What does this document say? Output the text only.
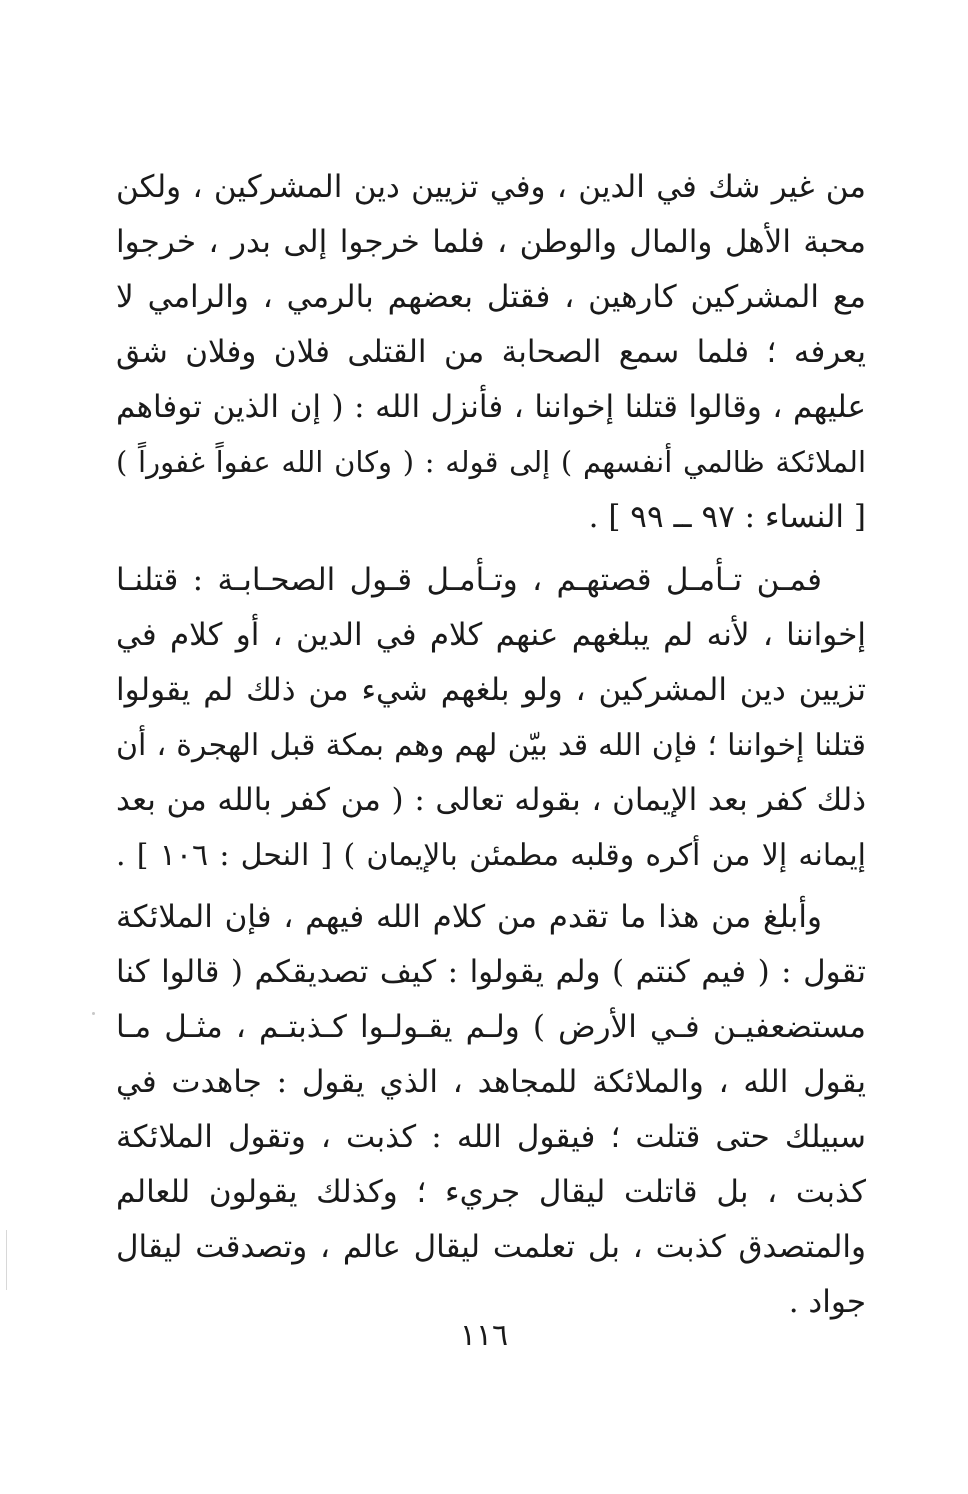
من غير شك في الدين ، وفي تزيين دين المشركين ، ولكن
محبة الأهل والمال والوطن ، فلما خرجوا إلى بدر ، خرجوا
مع المشركين كارهين ، فقتل بعضهم بالرمي ، والرامي لا
يعرفه ؛ فلما سمع الصحابة من القتلى فلان وفلان شق
عليهم ، وقالوا قتلنا إخواننا ، فأنزل الله : ( إن الذين توفاهم
الملائكة ظالمي أنفسهم ) إلى قوله : ( وكان الله عفواً غفوراً )
[ النساء : ٩٧ ــ ٩٩ ] .
فمـن تـأمـل قصتهـم ، وتـأمـل قـول الصحـابـة : قتلنـا
إخواننا ، لأنه لم يبلغهم عنهم كلام في الدين ، أو كلام في
تزيين دين المشركين ، ولو بلغهم شيء من ذلك لم يقولوا
قتلنا إخواننا ؛ فإن الله قد بيّن لهم وهم بمكة قبل الهجرة ، أن
ذلك كفر بعد الإيمان ، بقوله تعالى : ( من كفر بالله من بعد
إيمانه إلا من أكره وقلبه مطمئن بالإيمان ) [ النحل : ١٠٦ ] .
وأبلغ من هذا ما تقدم من كلام الله فيهم ، فإن الملائكة
تقول : ( فيم كنتم ) ولم يقولوا : كيف تصديقكم ( قالوا كنا
مستضعفيـن فـي الأرض ) ولـم يقـولـوا كـذبتـم ، مثـل مـا
يقول الله ، والملائكة للمجاهد ، الذي يقول : جاهدت في
سبيلك حتى قتلت ؛ فيقول الله : كذبت ، وتقول الملائكة
كذبت ، بل قاتلت ليقال جريء ؛ وكذلك يقولون للعالم
والمتصدق كذبت ، بل تعلمت ليقال عالم ، وتصدقت ليقال
جواد .
١١٦
